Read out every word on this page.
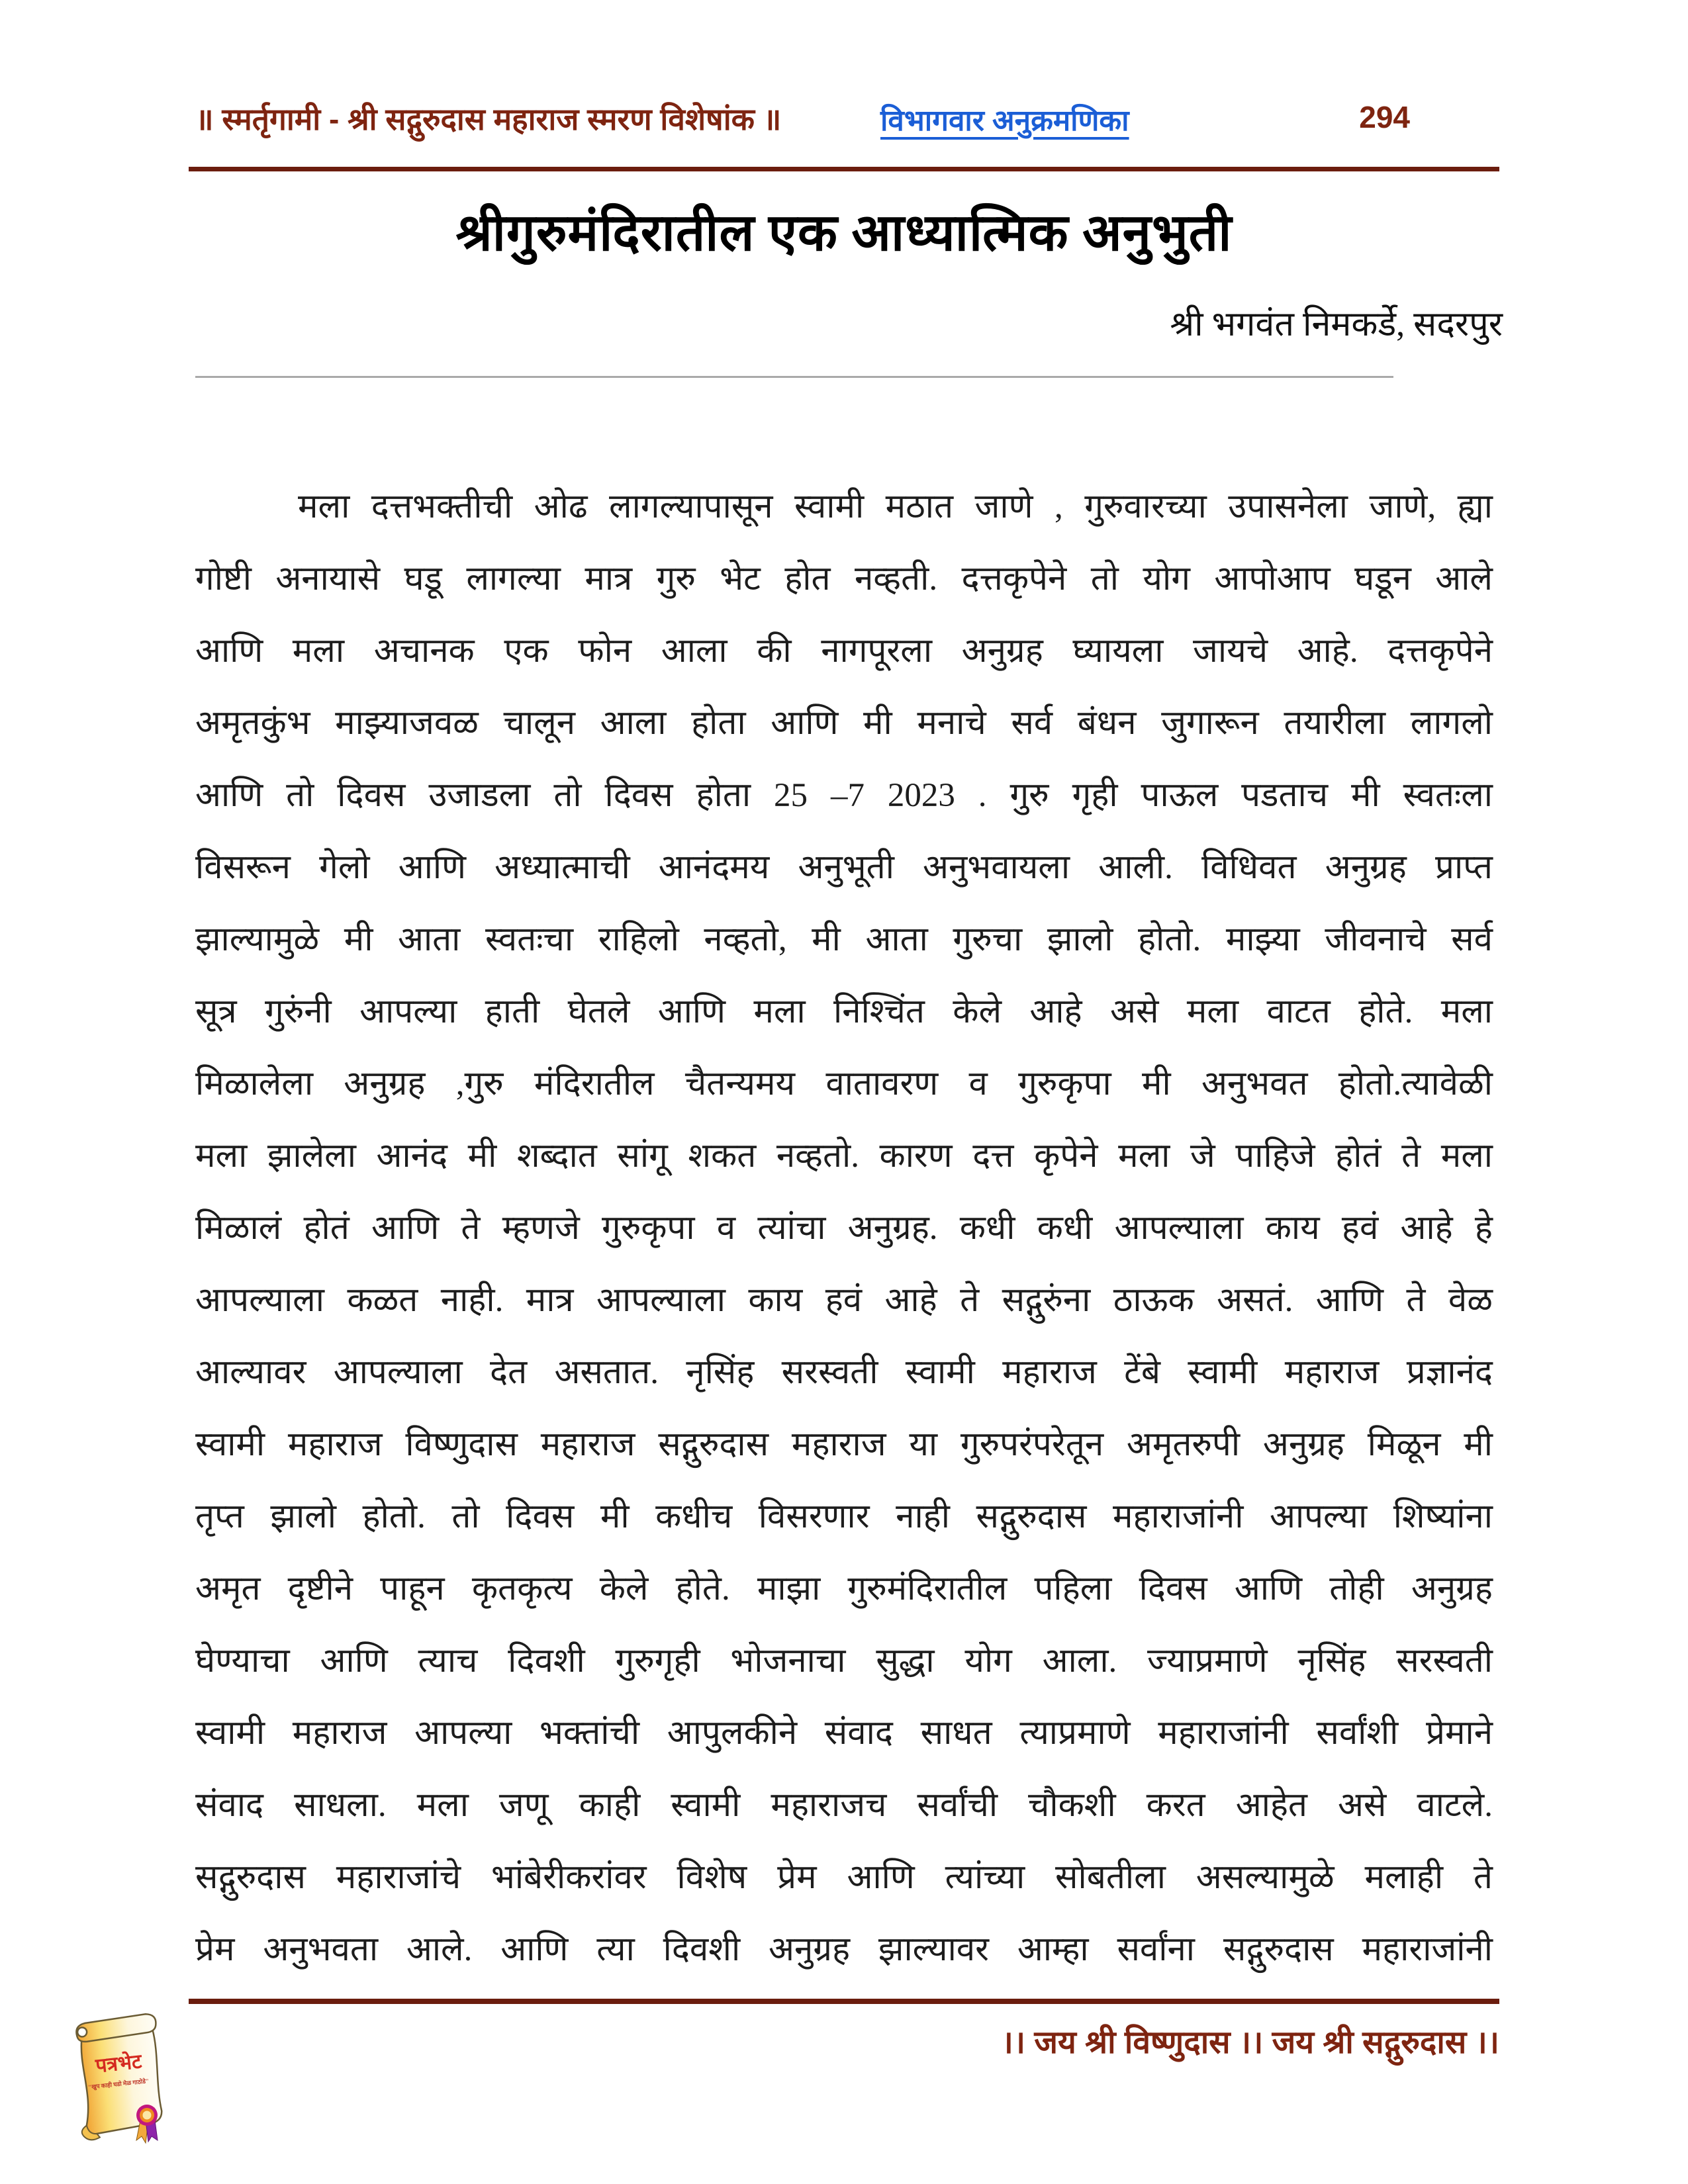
॥ स्मर्तृगामी - श्री सद्गुरुदास महाराज स्मरण विशेषांक ॥	विभागवार अनुक्रमणिका	294
श्रीगुरुमंदिरातील एक आध्यात्मिक अनुभुती
श्री भगवंत निमकर्डे, सदरपुर
मला दत्तभक्तीची ओढ लागल्यापासून स्वामी मठात जाणे , गुरुवारच्या उपासनेला जाणे, ह्या
गोष्टी अनायासे घडू लागल्या मात्र गुरु भेट होत नव्हती. दत्तकृपेने तो योग आपोआप घडून आले
आणि मला अचानक एक फोन आला की नागपूरला अनुग्रह घ्यायला जायचे आहे. दत्तकृपेने
अमृतकुंभ माझ्याजवळ चालून आला होता आणि मी मनाचे सर्व बंधन जुगारून तयारीला लागलो
आणि तो दिवस उजाडला तो दिवस होता 25 –7 2023 . गुरु गृही पाऊल पडताच मी स्वतःला
विसरून गेलो आणि अध्यात्माची आनंदमय अनुभूती अनुभवायला आली. विधिवत अनुग्रह प्राप्त
झाल्यामुळे मी आता स्वतःचा राहिलो नव्हतो, मी आता गुरुचा झालो होतो. माझ्या जीवनाचे सर्व
सूत्र गुरुंनी आपल्या हाती घेतले आणि मला निश्चिंत केले आहे असे मला वाटत होते. मला
मिळालेला अनुग्रह ,गुरु मंदिरातील चैतन्यमय वातावरण व गुरुकृपा मी अनुभवत होतो.त्यावेळी
मला झालेला आनंद मी शब्दात सांगू शकत नव्हतो. कारण दत्त कृपेने मला जे पाहिजे होतं ते मला
मिळालं होतं आणि ते म्हणजे गुरुकृपा व त्यांचा अनुग्रह. कधी कधी आपल्याला काय हवं आहे हे
आपल्याला कळत नाही. मात्र आपल्याला काय हवं आहे ते सद्गुरुंना ठाऊक असतं. आणि ते वेळ
आल्यावर आपल्याला देत असतात. नृसिंह सरस्वती स्वामी महाराज टेंबे स्वामी महाराज प्रज्ञानंद
स्वामी महाराज विष्णुदास महाराज सद्गुरुदास महाराज या गुरुपरंपरेतून अमृतरुपी अनुग्रह मिळून मी
तृप्त झालो होतो. तो दिवस मी कधीच विसरणार नाही सद्गुरुदास महाराजांनी आपल्या शिष्यांना
अमृत दृष्टीने पाहून कृतकृत्य केले होते. माझा गुरुमंदिरातील पहिला दिवस आणि तोही अनुग्रह
घेण्याचा आणि त्याच दिवशी गुरुगृही भोजनाचा सुद्धा योग आला. ज्याप्रमाणे नृसिंह सरस्वती
स्वामी महाराज आपल्या भक्तांची आपुलकीने संवाद साधत त्याप्रमाणे महाराजांनी सर्वांशी प्रेमाने
संवाद साधला. मला जणू काही स्वामी महाराजच सर्वांची चौकशी करत आहेत असे वाटले.
सद्गुरुदास महाराजांचे भांबेरीकरांवर विशेष प्रेम आणि त्यांच्या सोबतीला असल्यामुळे मलाही ते
प्रेम अनुभवता आले. आणि त्या दिवशी अनुग्रह झाल्यावर आम्हा सर्वांना सद्गुरुदास महाराजांनी
।। जय श्री विष्णुदास ।। जय श्री सद्गुरुदास ।।
पत्रभेट
"खुप काही घडो मेळ गाठोडे"
